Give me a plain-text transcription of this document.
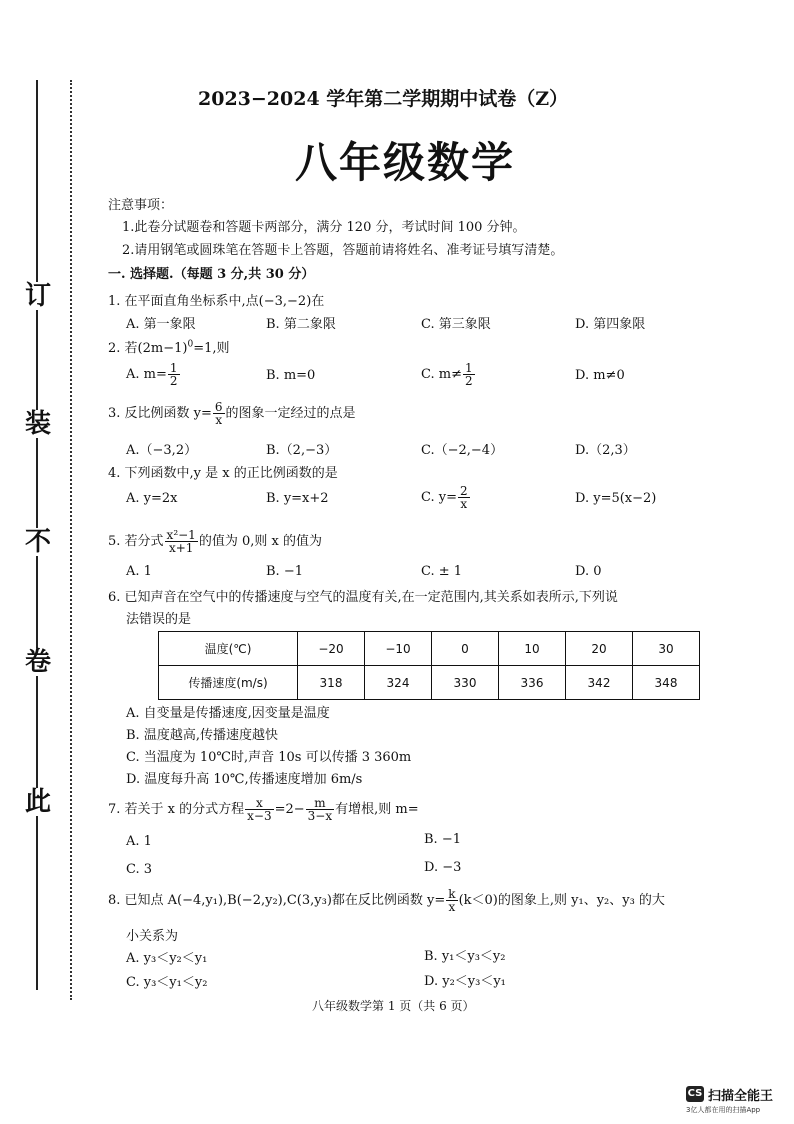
订
装
不
卷
此
2023−2024 学年第二学期期中试卷（Z）
八年级数学
注意事项：
1.此卷分试题卷和答题卡两部分，满分 120 分，考试时间 100 分钟。
2.请用钢笔或圆珠笔在答题卡上答题，答题前请将姓名、准考证号填写清楚。
一. 选择题.（每题 3 分,共 30 分）
1. 在平面直角坐标系中,点(−3,−2)在
A. 第一象限	B. 第二象限	C. 第三象限	D. 第四象限
2. 若$(2m-1)^0=1$,则
A. $m= \frac{1}{2}$	B. m=0	C. $m\ne \frac{1}{2}$	D. m≠0
3. 反比例函数 $y= \frac{6}{x}$ 的图象一定经过的点是
A.（−3,2）	B.（2,−3）	C.（−2,−4）	D.（2,3）
4. 下列函数中,y 是 x 的正比例函数的是
A. y=2x	B. y=x+2	C. $y= \frac{2}{x}$	D. y=5(x−2)
5. 若分式 $\frac{\text{x²−1}}{x+1}$ 的值为 0,则 x 的值为
A. 1	B. −1	C. ± 1	D. 0
6. 已知声音在空气中的传播速度与空气的温度有关,在一定范围内,其关系如表所示,下列说
法错误的是
温度(℃)	−20	−10	0	10	20	30
传播速度(m/s)	318	324	330	336	342	348
A. 自变量是传播速度,因变量是温度
B. 温度越高,传播速度越快
C. 当温度为 10℃时,声音 10s 可以传播 3 360m
D. 温度每升高 10℃,传播速度增加 6m/s
7. 若关于 x 的分式方程 $\frac{x}{x-3} =2- \frac{m}{3-x}$ 有增根,则 m=
A. 1	B. −1
C. 3	D. −3
8. 已知点 A(−4,y₁),B(−2,y₂),C(3,y₃)都在反比例函数 $y= \frac{k}{x} (k<0)$的图象上,则 y₁、y₂、y₃ 的大
小关系为
A. y₃＜y₂＜y₁	B. y₁＜y₃＜y₂
C. y₃＜y₁＜y₂	D. y₂＜y₃＜y₁
八年级数学第 1 页（共 6 页）
CS 扫描全能王
3亿人都在用的扫描App
